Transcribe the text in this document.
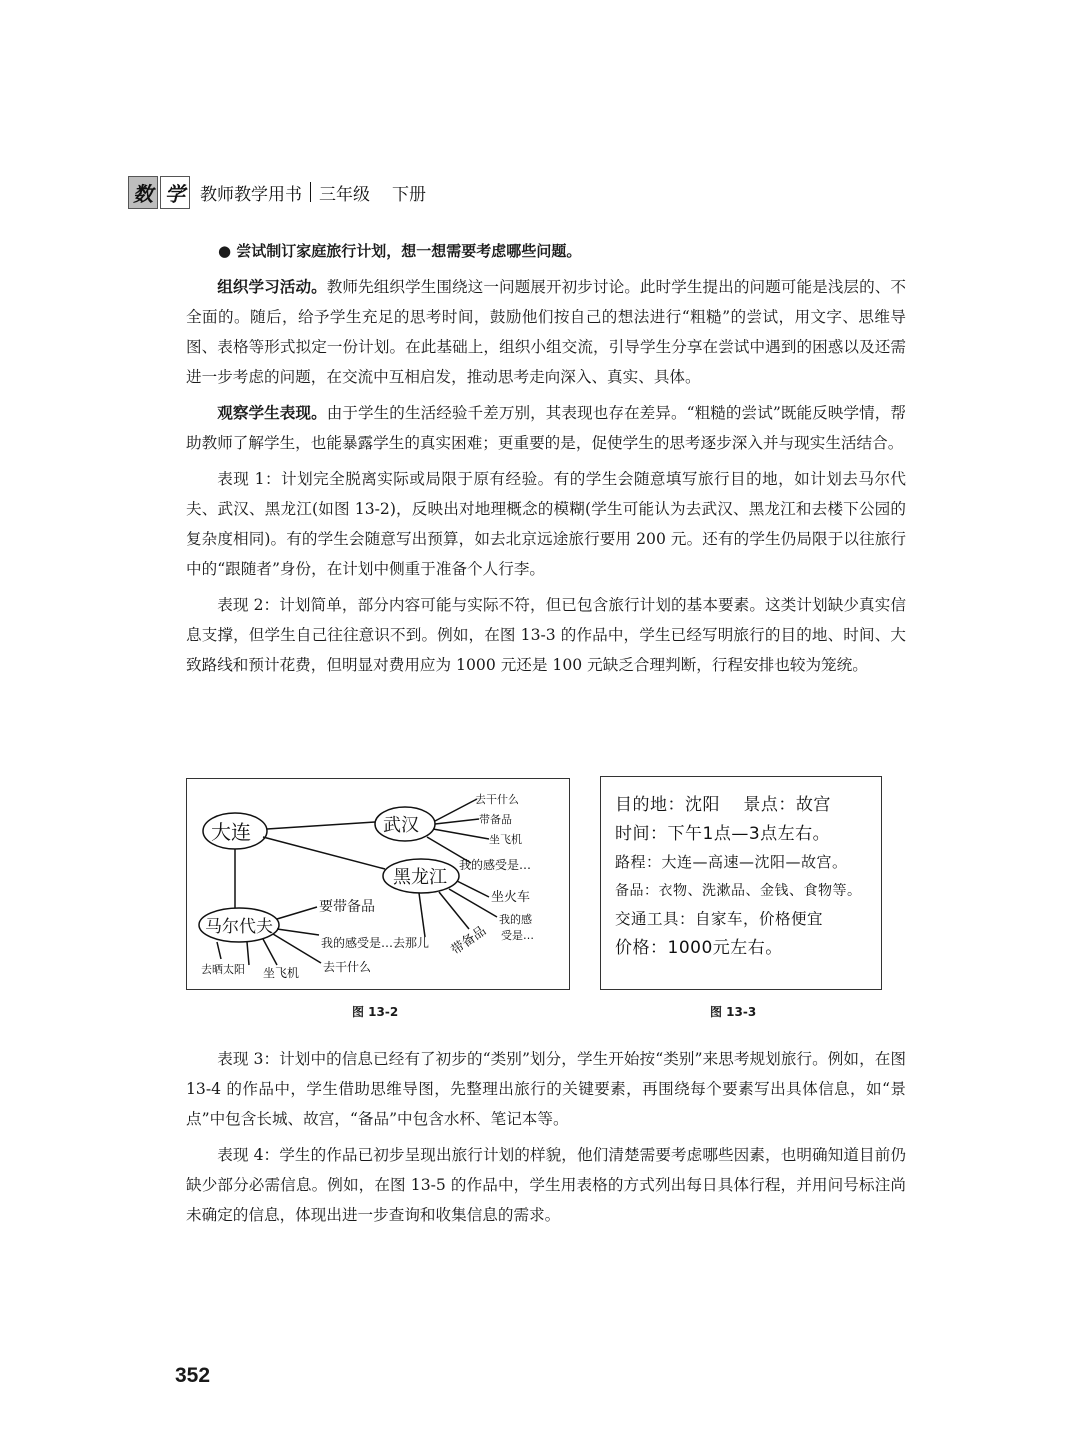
数 学 教师教学用书 三年级 下册

● 尝试制订家庭旅行计划，想一想需要考虑哪些问题。

组织学习活动。教师先组织学生围绕这一问题展开初步讨论。此时学生提出的问题可能是浅层的、不全面的。随后，给予学生充足的思考时间，鼓励他们按自己的想法进行“粗糙”的尝试，用文字、思维导图、表格等形式拟定一份计划。在此基础上，组织小组交流，引导学生分享在尝试中遇到的困惑以及还需进一步考虑的问题，在交流中互相启发，推动思考走向深入、真实、具体。

观察学生表现。由于学生的生活经验千差万别，其表现也存在差异。“粗糙的尝试”既能反映学情，帮助教师了解学生，也能暴露学生的真实困难；更重要的是，促使学生的思考逐步深入并与现实生活结合。

表现 1：计划完全脱离实际或局限于原有经验。有的学生会随意填写旅行目的地，如计划去马尔代夫、武汉、黑龙江(如图 13-2)，反映出对地理概念的模糊(学生可能认为去武汉、黑龙江和去楼下公园的复杂度相同)。有的学生会随意写出预算，如去北京远途旅行要用 200 元。还有的学生仍局限于以往旅行中的“跟随者”身份，在计划中侧重于准备个人行李。

表现 2：计划简单，部分内容可能与实际不符，但已包含旅行计划的基本要素。这类计划缺少真实信息支撑，但学生自己往往意识不到。例如，在图 13-3 的作品中，学生已经写明旅行的目的地、时间、大致路线和预计花费，但明显对费用应为 1000 元还是 100 元缺乏合理判断，行程安排也较为笼统。

大连	武汉
黑龙江
马尔代夫
去干什么
带备品
坐飞机
我的感受是…
坐火车
我的感
受是…
带备品
要带备品
我的感受是…去那儿
去晒太阳 坐飞机 去干什么
图 13-2
目的地：沈阳　 景点：故宫
时间：下午1点—3点左右。
路程：大连—高速—沈阳—故宫。
备品：衣物、洗漱品、金钱、食物等。
交通工具：自家车，价格便宜
价格：1000元左右。
图 13-3

表现 3：计划中的信息已经有了初步的“类别”划分，学生开始按“类别”来思考规划旅行。例如，在图 13-4 的作品中，学生借助思维导图，先整理出旅行的关键要素，再围绕每个要素写出具体信息，如“景点”中包含长城、故宫，“备品”中包含水杯、笔记本等。

表现 4：学生的作品已初步呈现出旅行计划的样貌，他们清楚需要考虑哪些因素，也明确知道目前仍缺少部分必需信息。例如，在图 13-5 的作品中，学生用表格的方式列出每日具体行程，并用问号标注尚未确定的信息，体现出进一步查询和收集信息的需求。

352
